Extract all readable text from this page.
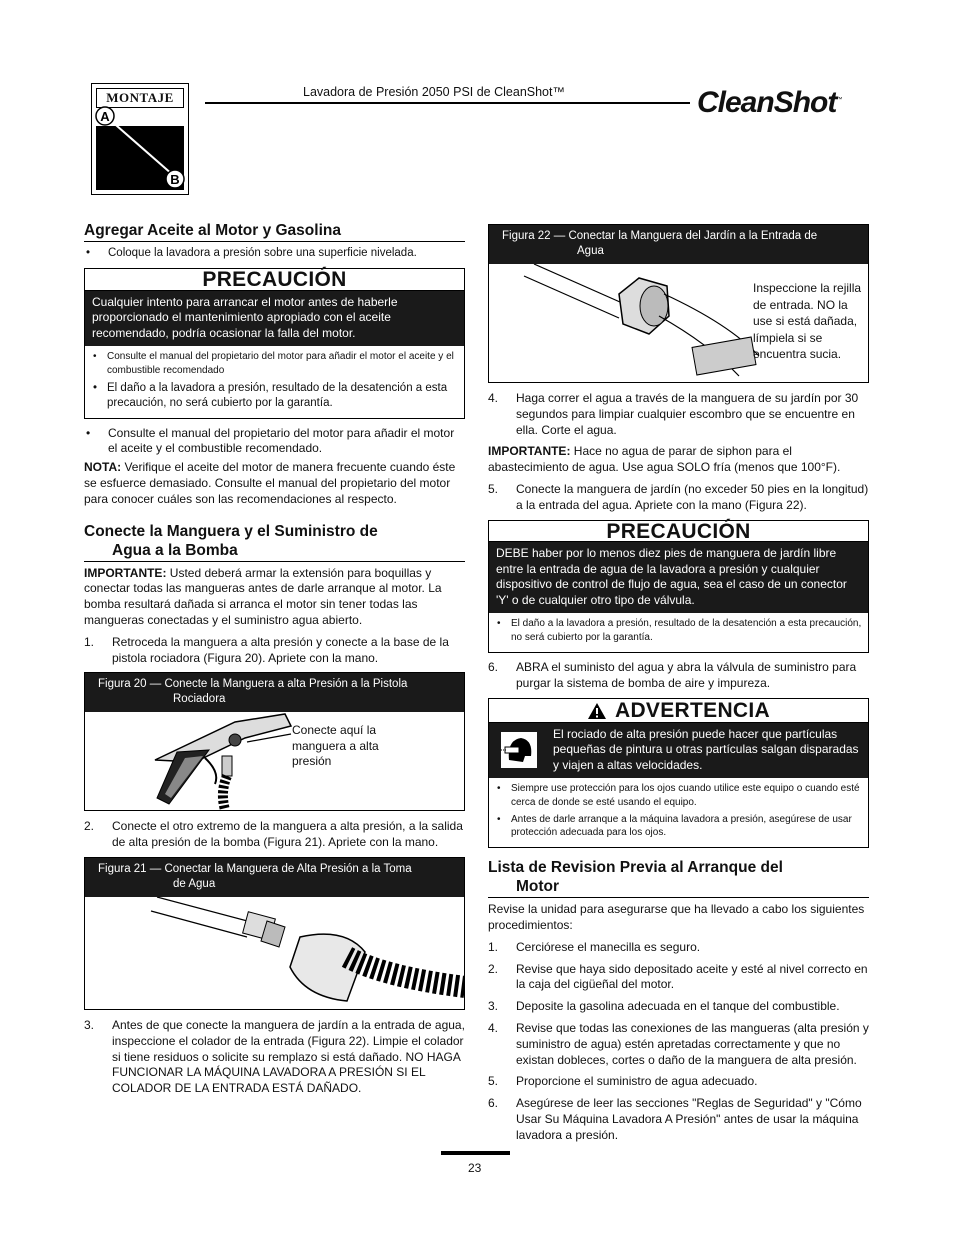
MONTAJE
A
B
Lavadora de Presión 2050 PSI de CleanShot™	CleanShot™
Agregar Aceite al Motor y Gasolina
•	Coloque la lavadora a presión sobre una superficie nivelada.
PRECAUCIÓN
Cualquier intento para arrancar el motor antes de haberle proporcionado el mantenimiento apropiado con el aceite recomendado, podría ocasionar la falla del motor.
•	Consulte el manual del propietario del motor para añadir el motor el aceite y el combustible recomendado
• El daño a la lavadora a presión, resultado de la desatención a esta precaución, no será cubierto por la garantía.
•	Consulte el manual del propietario del motor para añadir el motor el aceite y el combustible recomendado.

NOTA: Verifique el aceite del motor de manera frecuente cuando éste se esfuerce demasiado. Consulte el manual del propietario del motor para conocer cuáles son las recomendaciones al respecto.

Conecte la Manguera y el Suministro de
Agua a la Bomba

IMPORTANTE: Usted deberá armar la extensión para boquillas y conectar todas las mangueras antes de darle arranque al motor. La bomba resultará dañada si arranca el motor sin tener todas las mangueras conectadas y el suministro agua abierto.

1.	Retroceda la manguera a alta presión y conecte a la base de la pistola rociadora (Figura 20). Apriete con la mano.
Figura 20 — Conecte la Manguera a alta Presión a la Pistola
Rociadora
Conecte aquí la manguera a alta presión
2.	Conecte el otro extremo de la manguera a alta presión, a la salida de alta presión de la bomba (Figura 21). Apriete con la mano.
Figura 21 — Conectar la Manguera de Alta Presión a la Toma
de Agua
3.	Antes de que conecte la manguera de jardín a la entrada de agua, inspeccione el colador de la entrada (Figura 22). Limpie el colador si tiene residuos o solicite su remplazo si está dañado. NO HAGA FUNCIONAR LA MÁQUINA LAVADORA A PRESIÓN SI EL COLADOR DE LA ENTRADA ESTÁ DAÑADO.
Figura 22 — Conectar la Manguera del Jardín a la Entrada de
Agua
Inspeccione la rejilla de entrada. NO la use si está dañada, límpiela si se encuentra sucia.
4.	Haga correr el agua a través de la manguera de su jardín por 30 segundos para limpiar cualquier escombro que se encuentre en ella. Corte el agua.

IMPORTANTE: Hace no agua de parar de siphon para el abastecimiento de agua. Use agua SOLO fría (menos que 100°F).

5.	Conecte la manguera de jardín (no exceder 50 pies en la longitud) a la entrada del agua. Apriete con la mano (Figura 22).
PRECAUCIÓN
DEBE haber por lo menos diez pies de manguera de jardín libre entre la entrada de agua de la lavadora a presión y cualquier dispositivo de control de flujo de agua, sea el caso de un conector 'Y' o de cualquier otro tipo de válvula.
•	El daño a la lavadora a presión, resultado de la desatención a esta precaución, no será cubierto por la garantía.
6.	ABRA el suministo del agua y abra la válvula de suministro para purgar la sistema de bomba de aire y impureza.
ADVERTENCIA
El rociado de alta presión puede hacer que partículas pequeñas de pintura u otras partículas salgan disparadas y viajen a altas velocidades.
•	Siempre use protección para los ojos cuando utilice este equipo o cuando esté cerca de donde se esté usando el equipo.
•	Antes de darle arranque a la máquina lavadora a presión, asegúrese de usar protección adecuada para los ojos.
Lista de Revision Previa al Arranque del
Motor

Revise la unidad para asegurarse que ha llevado a cabo los siguientes procedimientos:

1.	Cerciórese el manecilla es seguro.
2.	Revise que haya sido depositado aceite y esté al nivel correcto en la caja del cigüeñal del motor.
3.	Deposite la gasolina adecuada en el tanque del combustible.
4.	Revise que todas las conexiones de las mangueras (alta presión y suministro de agua) estén apretadas correctamente y que no existan dobleces, cortes o daño de la manguera de alta presión.
5.	Proporcione el suministro de agua adecuado.
6.	Asegúrese de leer las secciones "Reglas de Seguridad" y "Cómo Usar Su Máquina Lavadora A Presión" antes de usar la máquina lavadora a presión.
23
